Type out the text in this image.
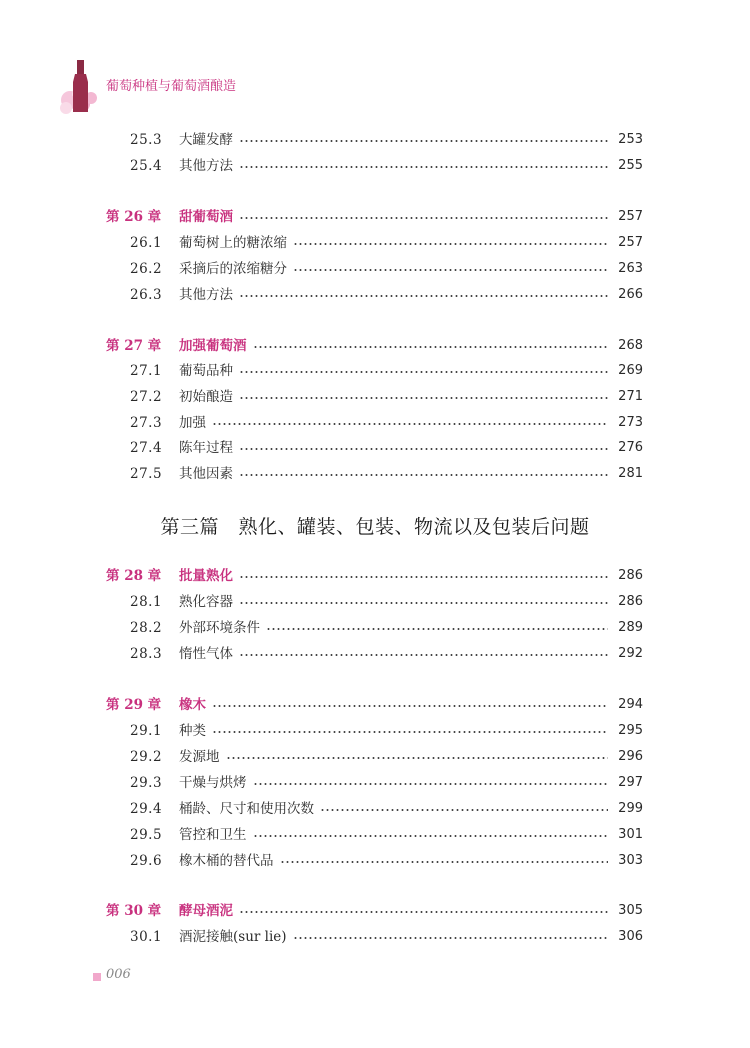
葡萄种植与葡萄酒酿造
25.3	大罐发酵	253
25.4	其他方法	255
第 26 章	甜葡萄酒	257
26.1	葡萄树上的糖浓缩	257
26.2	采摘后的浓缩糖分	263
26.3	其他方法	266
第 27 章	加强葡萄酒	268
27.1	葡萄品种	269
27.2	初始酿造	271
27.3	加强	273
27.4	陈年过程	276
27.5	其他因素	281
第 28 章	批量熟化	286
28.1	熟化容器	286
28.2	外部环境条件	289
28.3	惰性气体	292
第 29 章	橡木	294
29.1	种类	295
29.2	发源地	296
29.3	干燥与烘烤	297
29.4	桶龄、尺寸和使用次数	299
29.5	管控和卫生	301
29.6	橡木桶的替代品	303
第 30 章	酵母酒泥	305
30.1	酒泥接触(sur lie)	306
第三篇　熟化、罐装、包装、物流以及包装后问题
006
